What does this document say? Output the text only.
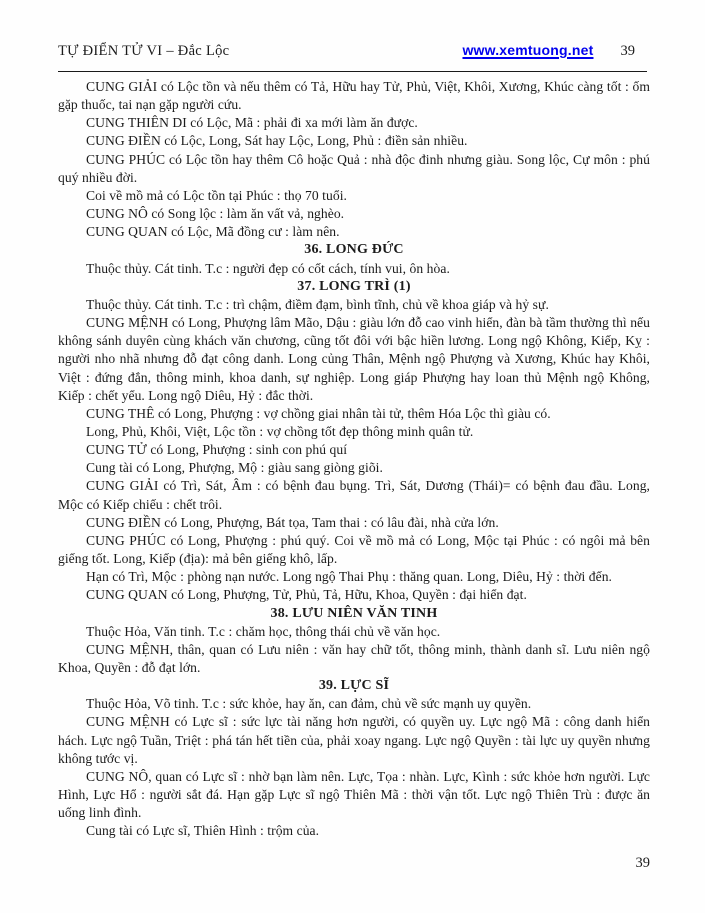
TỰ ĐIỂN TỬ VI – Đắc Lộc	www.xemtuong.net 39

CUNG GIẢI có Lộc tồn và nếu thêm có Tả, Hữu hay Tử, Phủ, Việt, Khôi, Xương, Khúc càng tốt : ốm gặp thuốc, tai nạn gặp người cứu.

CUNG THIÊN DI có Lộc, Mã : phải đi xa mới làm ăn được.

CUNG ĐIỀN có Lộc, Long, Sát hay Lộc, Long, Phủ : điền sản nhiều.

CUNG PHÚC có Lộc tồn hay thêm Cô hoặc Quả : nhà độc đinh nhưng giàu. Song lộc, Cự môn : phú quý nhiều đời.

Coi về mồ mả có Lộc tồn tại Phúc : thọ 70 tuổi.

CUNG NÔ có Song lộc : làm ăn vất vả, nghèo.

CUNG QUAN có Lộc, Mã đồng cư : làm nên.

36. LONG ĐỨC

Thuộc thủy. Cát tinh. T.c : người đẹp có cốt cách, tính vui, ôn hòa.

37. LONG TRÌ (1)

Thuộc thủy. Cát tinh. T.c : trì chậm, điềm đạm, bình tĩnh, chủ về khoa giáp và hỷ sự.

CUNG MỆNH có Long, Phượng lâm Mão, Dậu : giàu lớn đỗ cao vinh hiển, đàn bà tầm thường thì nếu không sánh duyên cùng khách văn chương, cũng tốt đôi với bậc hiền lương. Long ngộ Không, Kiếp, Kỵ : người nho nhã nhưng đỗ đạt công danh. Long củng Thân, Mệnh ngộ Phượng và Xương, Khúc hay Khôi, Việt : đứng đắn, thông minh, khoa danh, sự nghiệp. Long giáp Phượng hay loan thủ Mệnh ngộ Không, Kiếp : chết yểu. Long ngộ Diêu, Hỷ : đắc thời.

CUNG THÊ có Long, Phượng : vợ chồng giai nhân tài tử, thêm Hóa Lộc thì giàu có.

Long, Phủ, Khôi, Việt, Lộc tồn : vợ chồng tốt đẹp thông minh quân tử.

CUNG TỬ có Long, Phượng : sinh con phú quí

Cung tài có Long, Phượng, Mộ : giàu sang giòng giõi.

CUNG GIẢI có Trì, Sát, Âm : có bệnh đau bụng. Trì, Sát, Dương (Thái)= có bệnh đau đầu. Long, Mộc có Kiếp chiếu : chết trôi.

CUNG ĐIỀN có Long, Phượng, Bát tọa, Tam thai : có lâu đài, nhà cửa lớn.

CUNG PHÚC có Long, Phượng : phú quý. Coi về mồ mả có Long, Mộc tại Phúc : có ngôi mả bên giếng tốt. Long, Kiếp (địa): mả bên giếng khô, lấp.

Hạn có Trì, Mộc : phòng nạn nước. Long ngộ Thai Phụ : thăng quan. Long, Diêu, Hỷ : thời đến.

CUNG QUAN có Long, Phượng, Tử, Phủ, Tả, Hữu, Khoa, Quyền : đại hiển đạt.

38. LƯU NIÊN VĂN TINH

Thuộc Hỏa, Văn tinh. T.c : chăm học, thông thái chủ về văn học.

CUNG MỆNH, thân, quan có Lưu niên : văn hay chữ tốt, thông minh, thành danh sĩ. Lưu niên ngộ Khoa, Quyền : đỗ đạt lớn.

39. LỰC SĨ

Thuộc Hỏa, Võ tinh. T.c : sức khỏe, hay ăn, can đảm, chủ về sức mạnh uy quyền.

CUNG MỆNH có Lực sĩ : sức lực tài năng hơn người, có quyền uy. Lực ngộ Mã : công danh hiển hách. Lực ngộ Tuần, Triệt : phá tán hết tiền của, phải xoay ngang. Lực ngộ Quyền : tài lực uy quyền nhưng không tước vị.

CUNG NÔ, quan có Lực sĩ : nhờ bạn làm nên. Lực, Tọa : nhàn. Lực, Kình : sức khỏe hơn người. Lực Hình, Lực Hổ : người sắt đá. Hạn gặp Lực sĩ ngộ Thiên Mã : thời vận tốt. Lực ngộ Thiên Trù : được ăn uống linh đình.

Cung tài có Lực sĩ, Thiên Hình : trộm của.

39
